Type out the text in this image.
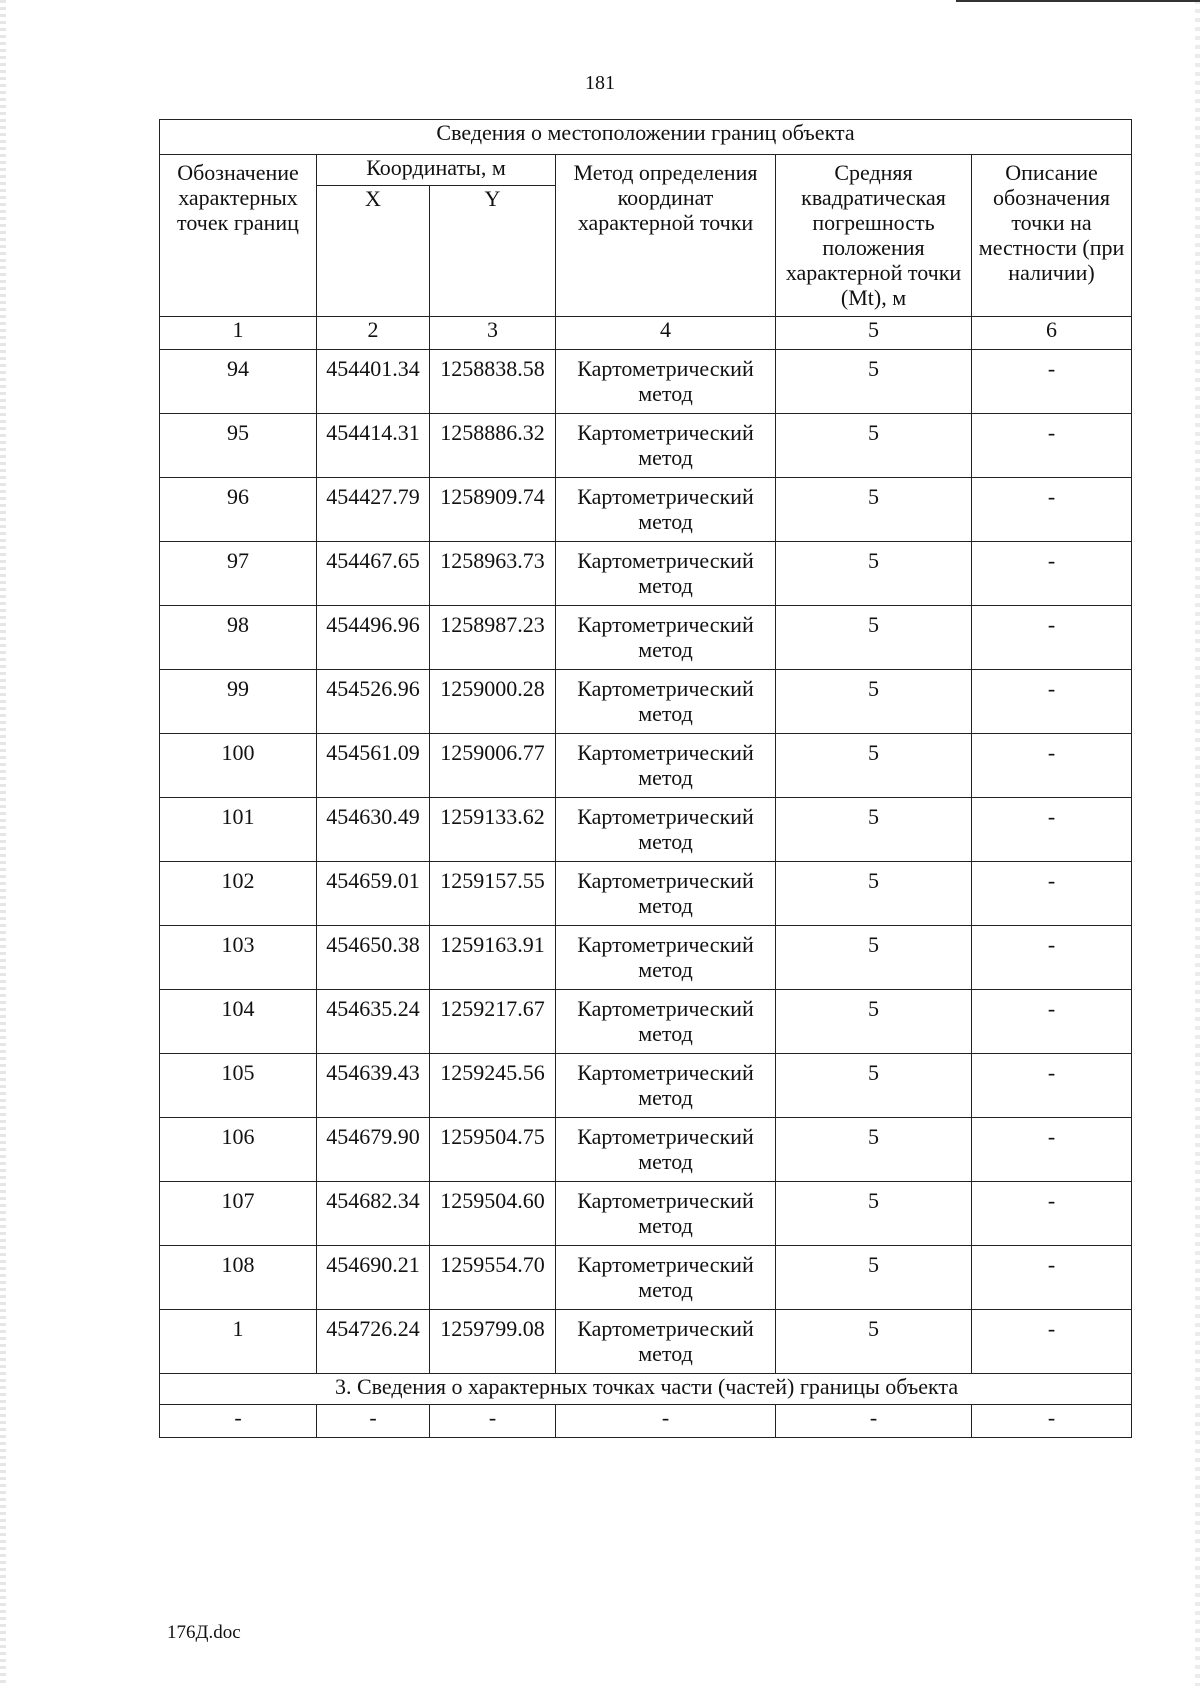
181
Сведения о местоположении границ объекта					
Обозначение характерных точек границ	Координаты, м		Метод определения координат характерной точки	Средняя квадратическая погрешность положения характерной точки (Mt), м	Описание обозначения точки на местности (при наличии)
	X	Y			
1	2	3	4	5	6
94	454401.34	1258838.58	Картометрический метод	5	-
95	454414.31	1258886.32	Картометрический метод	5	-
96	454427.79	1258909.74	Картометрический метод	5	-
97	454467.65	1258963.73	Картометрический метод	5	-
98	454496.96	1258987.23	Картометрический метод	5	-
99	454526.96	1259000.28	Картометрический метод	5	-
100	454561.09	1259006.77	Картометрический метод	5	-
101	454630.49	1259133.62	Картометрический метод	5	-
102	454659.01	1259157.55	Картометрический метод	5	-
103	454650.38	1259163.91	Картометрический метод	5	-
104	454635.24	1259217.67	Картометрический метод	5	-
105	454639.43	1259245.56	Картометрический метод	5	-
106	454679.90	1259504.75	Картометрический метод	5	-
107	454682.34	1259504.60	Картометрический метод	5	-
108	454690.21	1259554.70	Картометрический метод	5	-
1	454726.24	1259799.08	Картометрический метод	5	-
3. Сведения о характерных точках части (частей) границы объекта					
-	-	-	-	-	-
176Д.doc
